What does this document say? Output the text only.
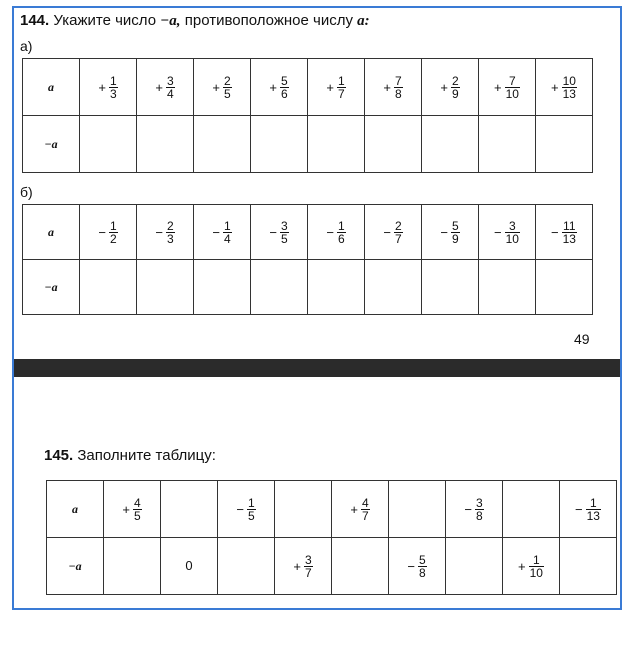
144. Укажите число −a, противоположное числу a:
а)
a	+ $\frac{1}{3}$	+ $\frac{3}{4}$	+ $\frac{2}{5}$	+ $\frac{5}{6}$	+ $\frac{1}{7}$	+ $\frac{7}{8}$	+ $\frac{2}{9}$	+ $\frac{7}{10}$	+ $\frac{10}{13}$

−a									
б)
a	− $\frac{1}{2}$	− $\frac{2}{3}$	− $\frac{1}{4}$	− $\frac{3}{5}$	− $\frac{1}{6}$	− $\frac{2}{7}$	− $\frac{5}{9}$	− $\frac{3}{10}$	− $\frac{11}{13}$

−a									
49
145. Заполните таблицу:
a	+ $\frac{4}{5}$		− $\frac{1}{5}$		+ $\frac{4}{7}$		− $\frac{3}{8}$		− $\frac{1}{13}$

−a		0		+ $\frac{3}{7}$		− $\frac{5}{8}$		+ $\frac{1}{10}$
